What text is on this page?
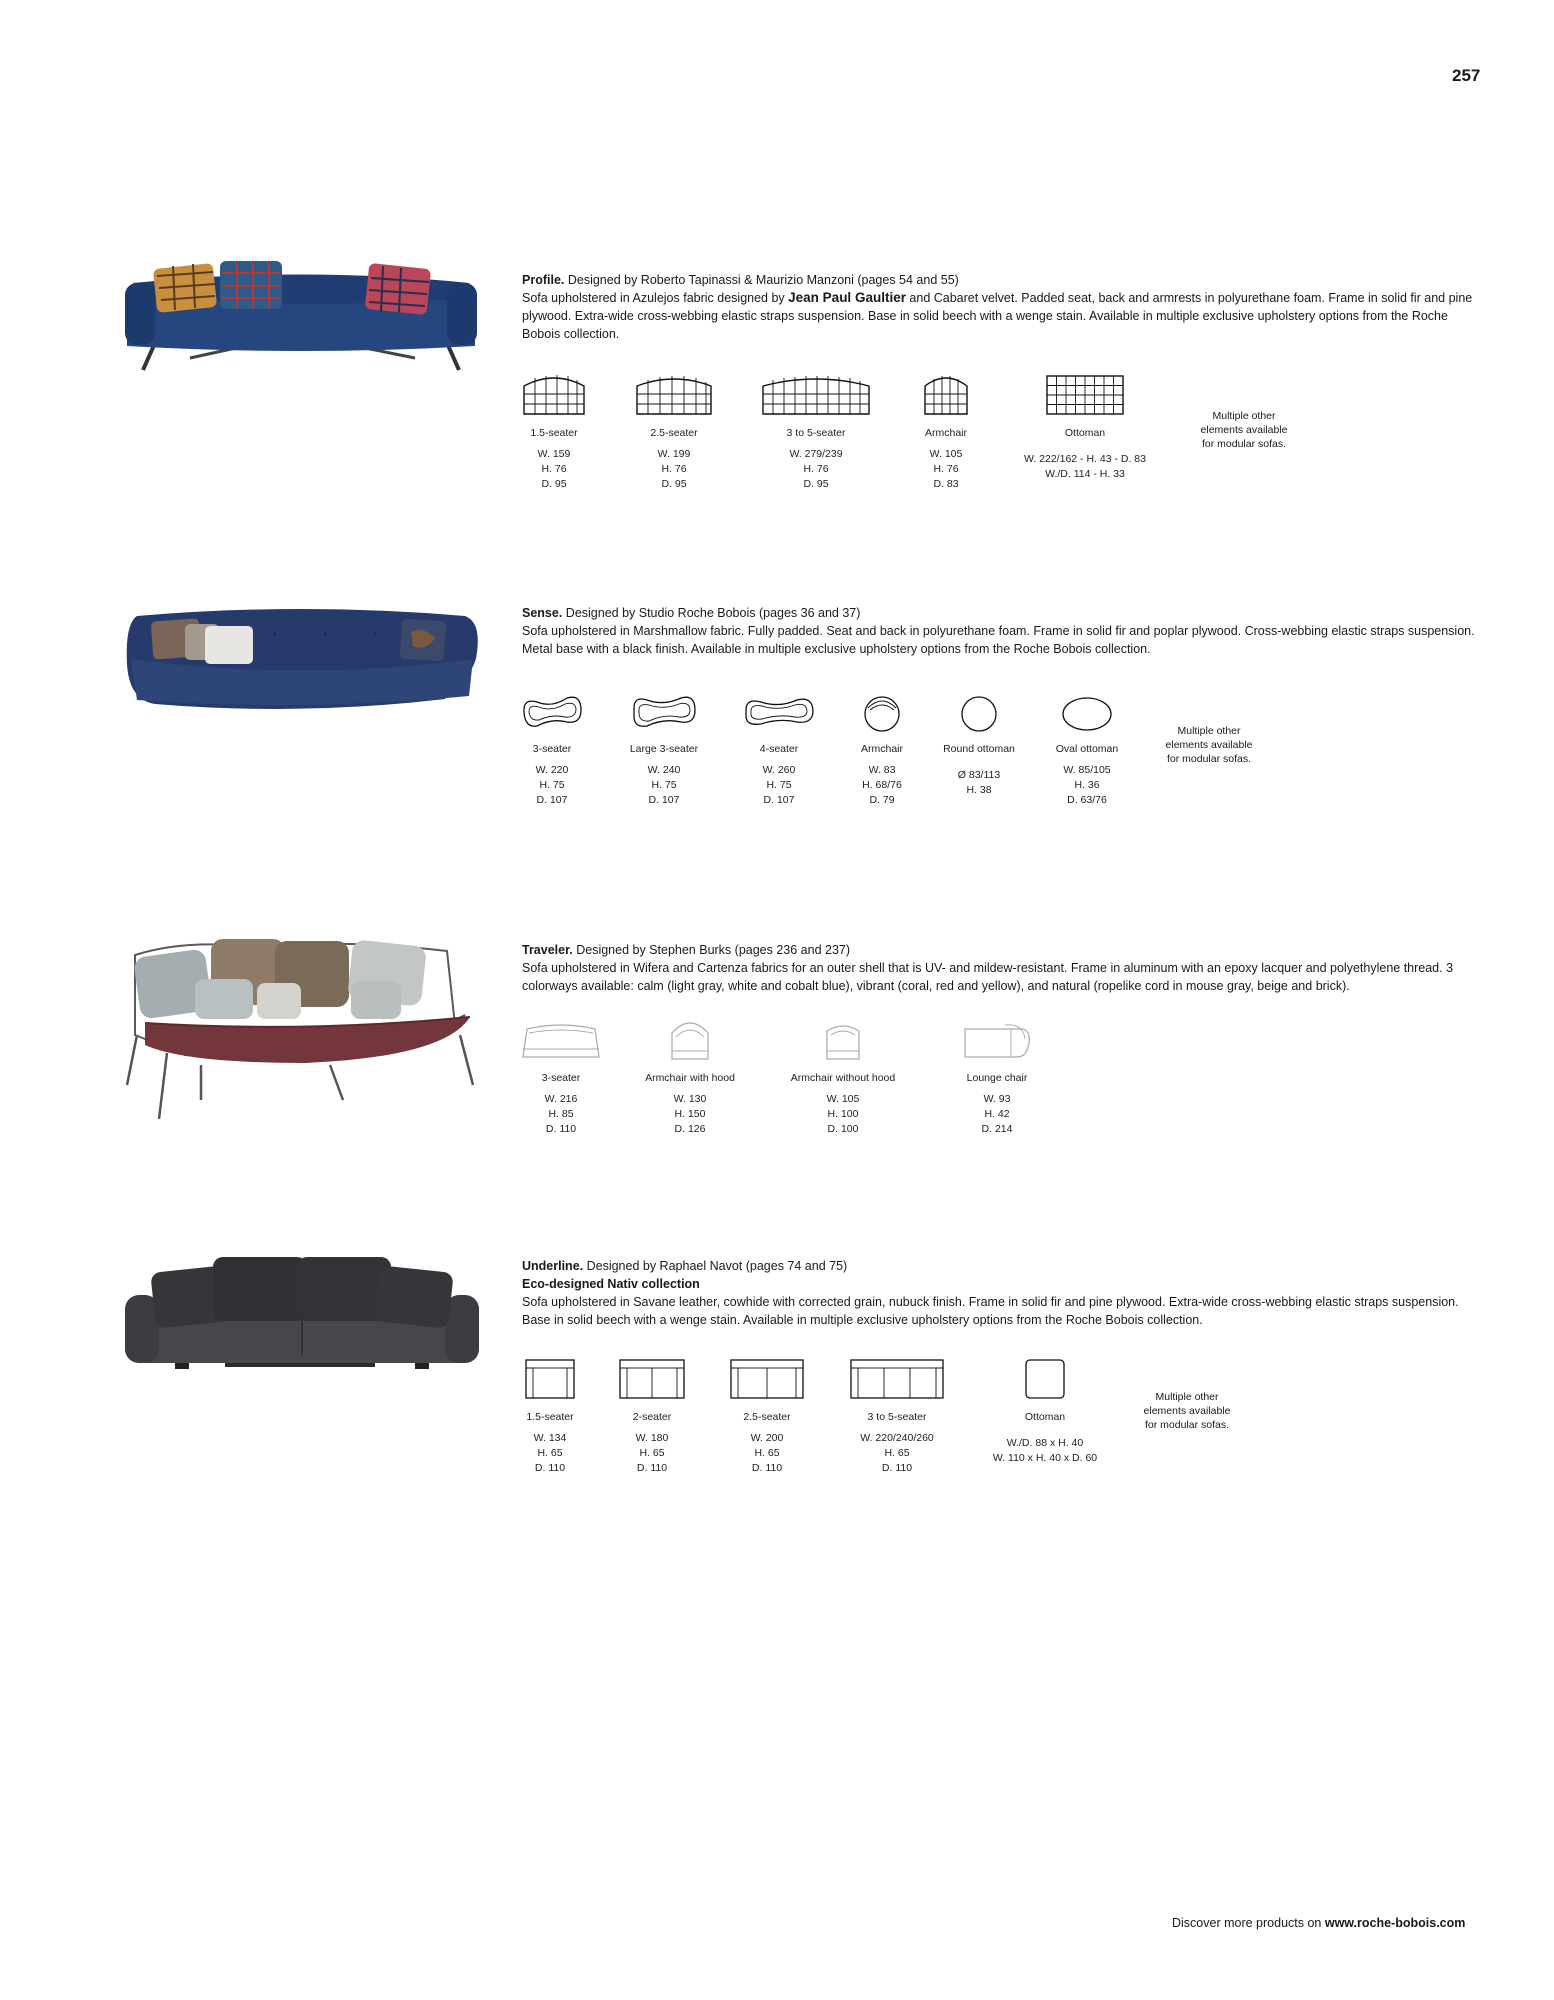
257

Profile. Designed by Roberto Tapinassi & Maurizio Manzoni (pages 54 and 55)

Sofa upholstered in Azulejos fabric designed by Jean Paul Gaultier and Cabaret velvet. Padded seat, back and armrests in polyurethane foam. Frame in solid fir and pine plywood. Extra-wide cross-webbing elastic straps suspension. Base in solid beech with a wenge stain. Available in multiple exclusive upholstery options from the Roche Bobois collection.

1.5-seater
W. 159
H. 76
D. 95
2.5-seater
W. 199
H. 76
D. 95
3 to 5-seater
W. 279/239
H. 76
D. 95
Armchair
W. 105
H. 76
D. 83
Ottoman
W. 222/162 - H. 43 - D. 83
W./D. 114 - H. 33
Multiple other
elements available
for modular sofas.

Sense. Designed by Studio Roche Bobois (pages 36 and 37)

Sofa upholstered in Marshmallow fabric. Fully padded. Seat and back in polyurethane foam. Frame in solid fir and poplar plywood. Cross-webbing elastic straps suspension. Metal base with a black finish. Available in multiple exclusive upholstery options from the Roche Bobois collection.

3-seater
W. 220
H. 75
D. 107
Large 3-seater
W. 240
H. 75
D. 107
4-seater
W. 260
H. 75
D. 107
Armchair
W. 83
H. 68/76
D. 79
Round ottoman
Ø 83/113
H. 38
Oval ottoman
W. 85/105
H. 36
D. 63/76
Multiple other
elements available
for modular sofas.

Traveler. Designed by Stephen Burks (pages 236 and 237)

Sofa upholstered in Wifera and Cartenza fabrics for an outer shell that is UV- and mildew-resistant. Frame in aluminum with an epoxy lacquer and polyethylene thread. 3 colorways available: calm (light gray, white and cobalt blue), vibrant (coral, red and yellow), and natural (ropelike cord in mouse gray, beige and brick).

3-seater
W. 216
H. 85
D. 110
Armchair with hood
W. 130
H. 150
D. 126
Armchair without hood
W. 105
H. 100
D. 100
Lounge chair
W. 93
H. 42
D. 214

Underline. Designed by Raphael Navot (pages 74 and 75)

Eco-designed Nativ collection

Sofa upholstered in Savane leather, cowhide with corrected grain, nubuck finish. Frame in solid fir and pine plywood. Extra-wide cross-webbing elastic straps suspension. Base in solid beech with a wenge stain. Available in multiple exclusive upholstery options from the Roche Bobois collection.

1.5-seater
W. 134
H. 65
D. 110
2-seater
W. 180
H. 65
D. 110
2.5-seater
W. 200
H. 65
D. 110
3 to 5-seater
W. 220/240/260
H. 65
D. 110
Ottoman
W./D. 88 x H. 40
W. 110 x H. 40 x D. 60
Multiple other
elements available
for modular sofas.
Discover more products on www.roche-bobois.com
